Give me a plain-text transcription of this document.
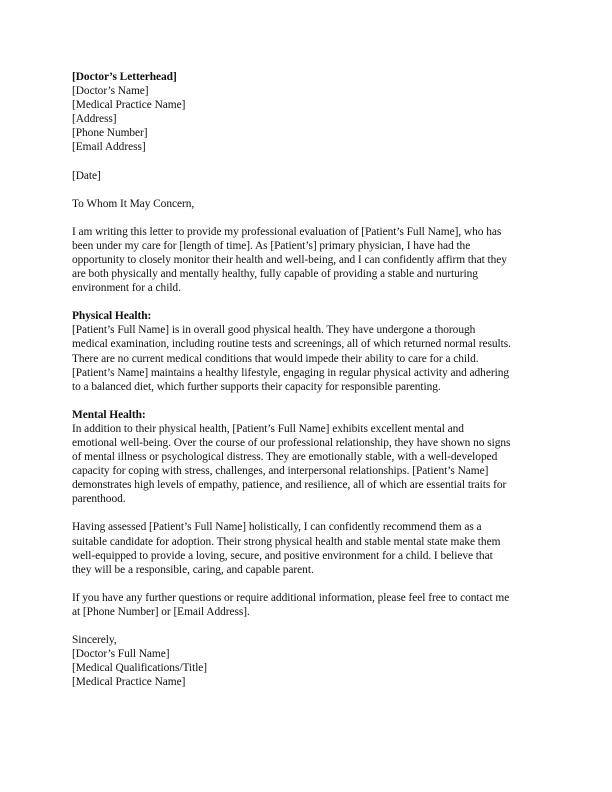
[Doctor’s Letterhead]
[Doctor’s Name]
[Medical Practice Name]
[Address]
[Phone Number]
[Email Address]
[Date]
To Whom It May Concern,
I am writing this letter to provide my professional evaluation of [Patient’s Full Name], who has
been under my care for [length of time]. As [Patient’s] primary physician, I have had the
opportunity to closely monitor their health and well-being, and I can confidently affirm that they
are both physically and mentally healthy, fully capable of providing a stable and nurturing
environment for a child.
Physical Health:
[Patient’s Full Name] is in overall good physical health. They have undergone a thorough
medical examination, including routine tests and screenings, all of which returned normal results.
There are no current medical conditions that would impede their ability to care for a child.
[Patient’s Name] maintains a healthy lifestyle, engaging in regular physical activity and adhering
to a balanced diet, which further supports their capacity for responsible parenting.
Mental Health:
In addition to their physical health, [Patient’s Full Name] exhibits excellent mental and
emotional well-being. Over the course of our professional relationship, they have shown no signs
of mental illness or psychological distress. They are emotionally stable, with a well-developed
capacity for coping with stress, challenges, and interpersonal relationships. [Patient’s Name]
demonstrates high levels of empathy, patience, and resilience, all of which are essential traits for
parenthood.
Having assessed [Patient’s Full Name] holistically, I can confidently recommend them as a
suitable candidate for adoption. Their strong physical health and stable mental state make them
well-equipped to provide a loving, secure, and positive environment for a child. I believe that
they will be a responsible, caring, and capable parent.
If you have any further questions or require additional information, please feel free to contact me
at [Phone Number] or [Email Address].
Sincerely,
[Doctor’s Full Name]
[Medical Qualifications/Title]
[Medical Practice Name]
